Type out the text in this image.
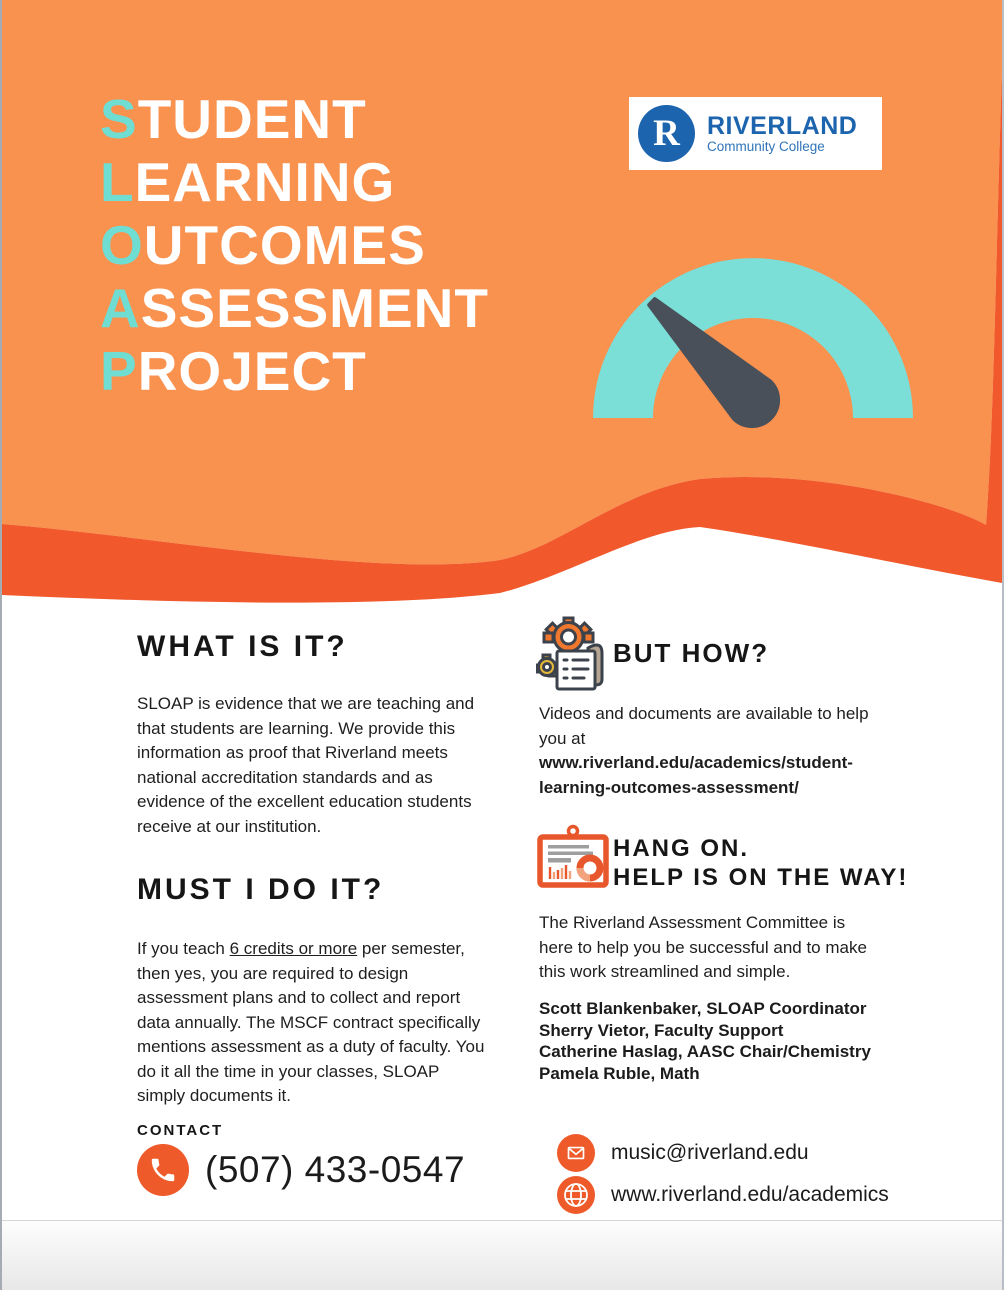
STUDENT
LEARNING
OUTCOMES
ASSESSMENT
PROJECT
R RIVERLAND
Community College
WHAT IS IT?
SLOAP is evidence that we are teaching and that students are learning. We provide this information as proof that Riverland meets national accreditation standards and as evidence of the excellent education students receive at our institution.
MUST I DO IT?
If you teach 6 credits or more per semester, then yes, you are required to design assessment plans and to collect and report data annually. The MSCF contract specifically mentions assessment as a duty of faculty. You do it all the time in your classes, SLOAP simply documents it.
CONTACT
(507) 433-0547
BUT HOW?
Videos and documents are available to help you at www.riverland.edu/academics/student-learning-outcomes-assessment/
HANG ON.
HELP IS ON THE WAY!
The Riverland Assessment Committee is here to help you be successful and to make this work streamlined and simple.
Scott Blankenbaker, SLOAP Coordinator
Sherry Vietor, Faculty Support
Catherine Haslag, AASC Chair/Chemistry
Pamela Ruble, Math
music@riverland.edu
www.riverland.edu/academics
